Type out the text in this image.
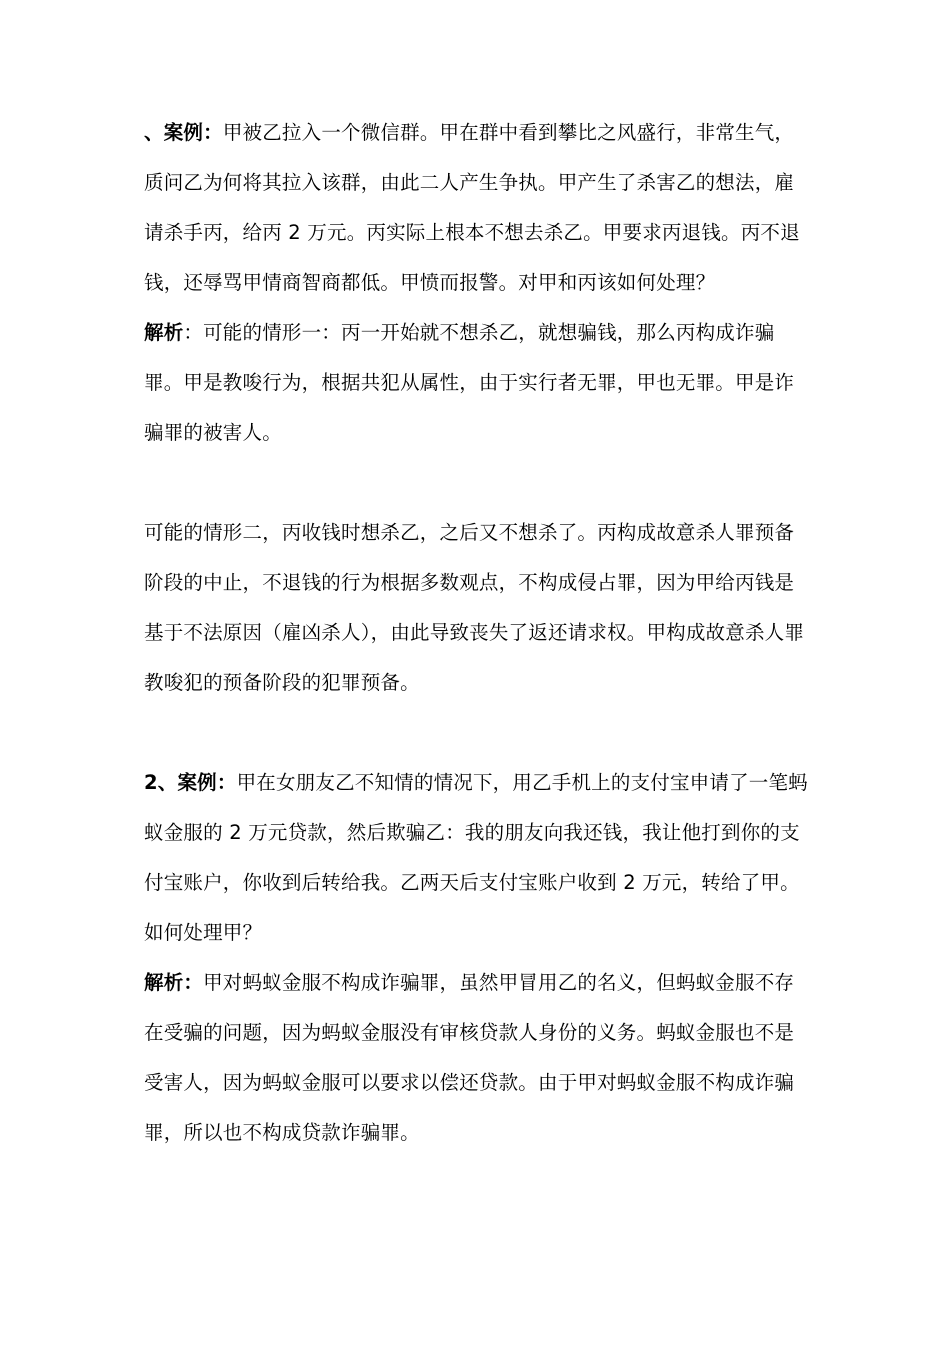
、案例：甲被乙拉入一个微信群。甲在群中看到攀比之风盛行，非常生气，质问乙为何将其拉入该群，由此二人产生争执。甲产生了杀害乙的想法，雇请杀手丙，给丙 2 万元。丙实际上根本不想去杀乙。甲要求丙退钱。丙不退钱，还辱骂甲情商智商都低。甲愤而报警。对甲和丙该如何处理？

解析：可能的情形一：丙一开始就不想杀乙，就想骗钱，那么丙构成诈骗罪。甲是教唆行为，根据共犯从属性，由于实行者无罪，甲也无罪。甲是诈骗罪的被害人。

可能的情形二，丙收钱时想杀乙，之后又不想杀了。丙构成故意杀人罪预备阶段的中止，不退钱的行为根据多数观点，不构成侵占罪，因为甲给丙钱是基于不法原因（雇凶杀人），由此导致丧失了返还请求权。甲构成故意杀人罪教唆犯的预备阶段的犯罪预备。

2、案例：甲在女朋友乙不知情的情况下，用乙手机上的支付宝申请了一笔蚂蚁金服的 2 万元贷款，然后欺骗乙：我的朋友向我还钱，我让他打到你的支付宝账户，你收到后转给我。乙两天后支付宝账户收到 2 万元，转给了甲。如何处理甲？

解析：甲对蚂蚁金服不构成诈骗罪，虽然甲冒用乙的名义，但蚂蚁金服不存在受骗的问题，因为蚂蚁金服没有审核贷款人身份的义务。蚂蚁金服也不是受害人，因为蚂蚁金服可以要求以偿还贷款。由于甲对蚂蚁金服不构成诈骗罪，所以也不构成贷款诈骗罪。
